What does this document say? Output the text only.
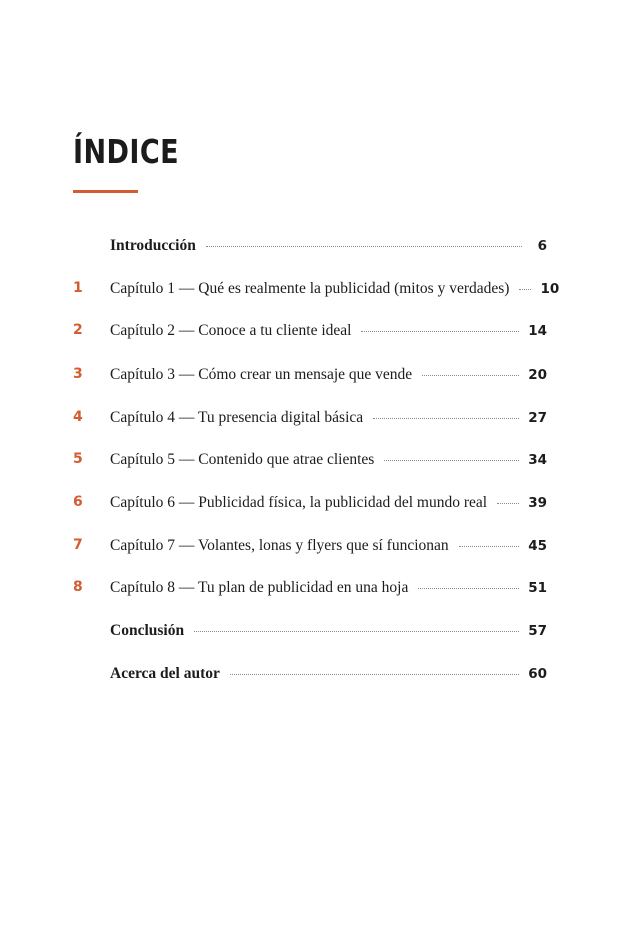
ÍNDICE
Introducción	6
1 Capítulo 1 — Qué es realmente la publicidad (mitos y verdades) 10
2 Capítulo 2 — Conoce a tu cliente ideal	14
3 Capítulo 3 — Cómo crear un mensaje que vende	20
4 Capítulo 4 — Tu presencia digital básica	27
5 Capítulo 5 — Contenido que atrae clientes	34
6 Capítulo 6 — Publicidad física, la publicidad del mundo real	39
7 Capítulo 7 — Volantes, lonas y flyers que sí funcionan	45
8 Capítulo 8 — Tu plan de publicidad en una hoja	51
Conclusión	57
Acerca del autor	60
